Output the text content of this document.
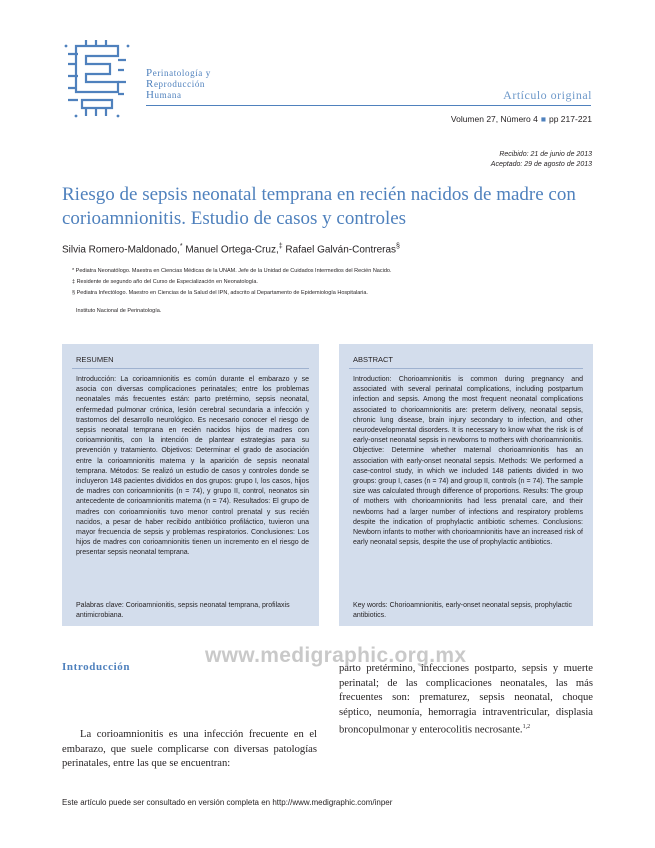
Perinatología y
Reproducción
Humana	Artículo original
Volumen 27, Número 4 ■ pp 217-221
Recibido: 21 de junio de 2013
Aceptado: 29 de agosto de 2013
Riesgo de sepsis neonatal temprana en recién nacidos de madre con corioamnionitis. Estudio de casos y controles
Silvia Romero-Maldonado,* Manuel Ortega-Cruz,‡ Rafael Galván-Contreras§
* Pediatra Neonatólogo. Maestra en Ciencias Médicas de la UNAM. Jefe de la Unidad de Cuidados Intermedios del Recién Nacido.
‡ Residente de segundo año del Curso de Especialización en Neonatología.
§ Pediatra Infectólogo. Maestro en Ciencias de la Salud del IPN, adscrito al Departamento de Epidemiología Hospitalaria.
Instituto Nacional de Perinatología.
RESUMEN
Introducción: La corioamnionitis es común durante el embarazo y se asocia con diversas complicaciones perinatales; entre los problemas neonatales más frecuentes están: parto pretérmino, sepsis neonatal, enfermedad pulmonar crónica, lesión cerebral secundaria a infección y trastornos del desarrollo neurológico. Es necesario conocer el riesgo de sepsis neonatal temprana en recién nacidos hijos de madres con corioamnionitis, con la intención de plantear estrategias para su prevención y tratamiento. Objetivos: Determinar el grado de asociación entre la corioamnionitis materna y la aparición de sepsis neonatal temprana. Métodos: Se realizó un estudio de casos y controles donde se incluyeron 148 pacientes divididos en dos grupos: grupo I, los casos, hijos de madres con corioamnionitis (n = 74), y grupo II, control, neonatos sin antecedente de corioamnionitis materna (n = 74). Resultados: El grupo de madres con corioamnionitis tuvo menor control prenatal y sus recién nacidos, a pesar de haber recibido antibiótico profiláctico, tuvieron una mayor frecuencia de sepsis y problemas respiratorios. Conclusiones: Los hijos de madres con corioamnionitis tienen un incremento en el riesgo de presentar sepsis neonatal temprana.
Palabras clave: Corioamnionitis, sepsis neonatal temprana, profilaxis antimicrobiana.
ABSTRACT
Introduction: Chorioamnionitis is common during pregnancy and associated with several perinatal complications, including postpartum infection and sepsis. Among the most frequent neonatal complications associated to chorioamnionitis are: preterm delivery, neonatal sepsis, chronic lung disease, brain injury secondary to infection, and other neurodevelopmental disorders. It is necessary to know what the risk is of early-onset neonatal sepsis in newborns to mothers with chorioamnionitis. Objective: Determine whether maternal chorioamnionitis has an association with early-onset neonatal sepsis. Methods: We performed a case-control study, in which we included 148 patients divided in two groups: group I, cases (n = 74) and group II, controls (n = 74). The sample size was calculated through difference of proportions. Results: The group of mothers with chorioamnionitis had less prenatal care, and their newborns had a larger number of infections and respiratory problems despite the indication of prophylactic antibiotic schemes. Conclusions: Newborn infants to mother with chorioamnionitis have an increased risk of early neonatal sepsis, despite the use of prophylactic antibiotics.
Key words: Chorioamnionitis, early-onset neonatal sepsis, prophylactic antibiotics.
www.medigraphic.org.mx
Introducción
La corioamnionitis es una infección frecuente en el embarazo, que suele complicarse con diversas patologías perinatales, entre las que se encuentran:
parto pretérmino, infecciones postparto, sepsis y muerte perinatal; de las complicaciones neonatales, las más frecuentes son: prematurez, sepsis neonatal, choque séptico, neumonía, hemorragia intraventricular, displasia broncopulmonar y enterocolitis necrosante.$^{1,2}$
Este artículo puede ser consultado en versión completa en http://www.medigraphic.com/inper
